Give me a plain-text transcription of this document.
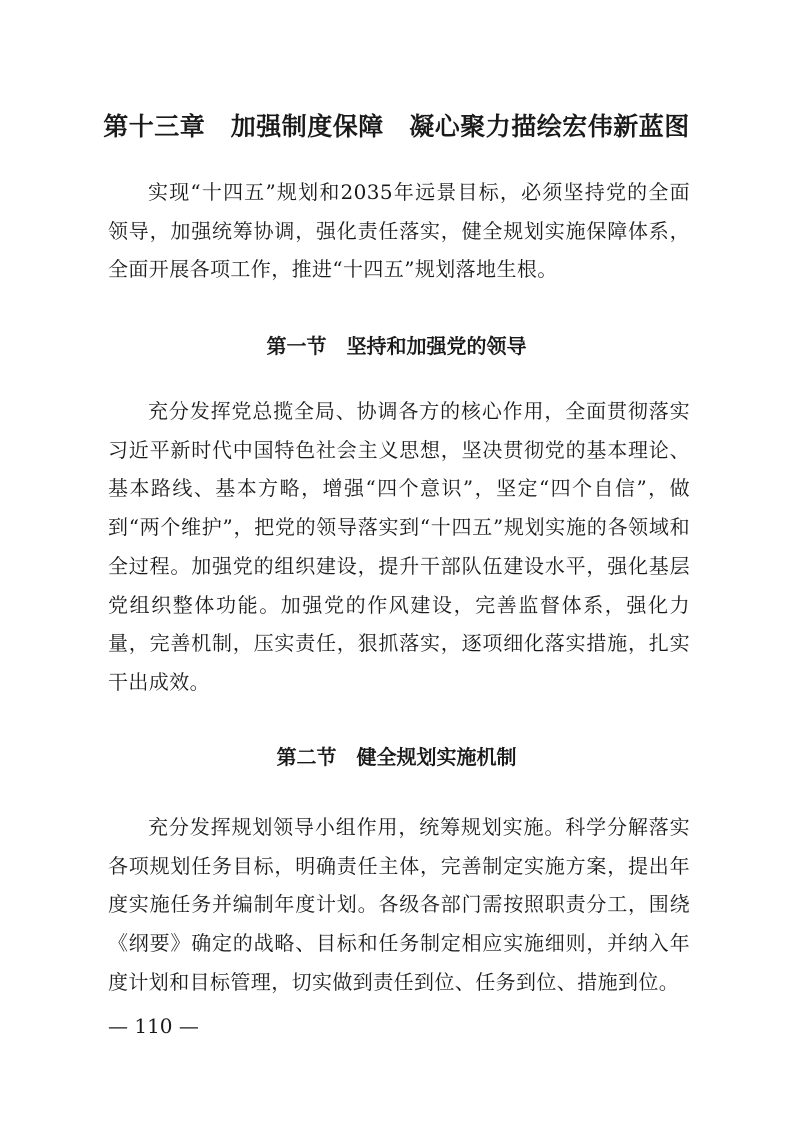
第十三章　加强制度保障　凝心聚力描绘宏伟新蓝图

实现“十四五”规划和2035年远景目标，必须坚持党的全面领导，加强统筹协调，强化责任落实，健全规划实施保障体系，全面开展各项工作，推进“十四五”规划落地生根。

第一节　坚持和加强党的领导

充分发挥党总揽全局、协调各方的核心作用，全面贯彻落实习近平新时代中国特色社会主义思想，坚决贯彻党的基本理论、基本路线、基本方略，增强“四个意识”，坚定“四个自信”，做到“两个维护”，把党的领导落实到“十四五”规划实施的各领域和全过程。加强党的组织建设，提升干部队伍建设水平，强化基层党组织整体功能。加强党的作风建设，完善监督体系，强化力量，完善机制，压实责任，狠抓落实，逐项细化落实措施，扎实干出成效。

第二节　健全规划实施机制

充分发挥规划领导小组作用，统筹规划实施。科学分解落实各项规划任务目标，明确责任主体，完善制定实施方案，提出年度实施任务并编制年度计划。各级各部门需按照职责分工，围绕《纲要》确定的战略、目标和任务制定相应实施细则，并纳入年度计划和目标管理，切实做到责任到位、任务到位、措施到位。

— 110 —
